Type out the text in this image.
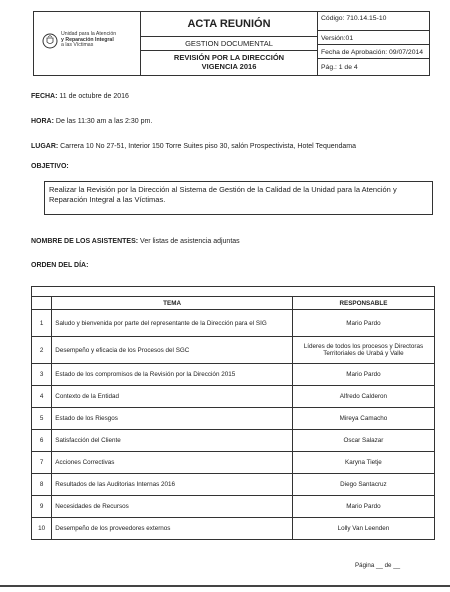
Unidad para la Atención
y Reparación Integral
a las Víctimas
ACTA REUNIÓN
GESTION DOCUMENTAL
REVISIÓN POR LA DIRECCIÓN
VIGENCIA 2016
Código: 710.14.15-10
Versión:01
Fecha de Aprobación: 09/07/2014
Pág.: 1 de 4
FECHA: 11 de octubre de 2016
HORA: De las 11:30 am a las 2:30 pm.
LUGAR: Carrera 10 No 27-51, Interior 150 Torre Suites piso 30, salón Prospectivista, Hotel Tequendama
OBJETIVO:
Realizar la Revisión por la Dirección al Sistema de Gestión de la Calidad de la Unidad para la Atención y Reparación Integral a las Víctimas.
NOMBRE DE LOS ASISTENTES: Ver listas de asistencia adjuntas
ORDEN DEL DÍA:

	TEMA	RESPONSABLE
1	Saludo y bienvenida por parte del representante de la Dirección para el SIG	Mario Pardo
2	Desempeño y eficacia de los Procesos del SGC	Líderes de todos los procesos y Directoras Territoriales de Urabá y Valle
3	Estado de los compromisos de la Revisión por la Dirección 2015	Mario Pardo
4	Contexto de la Entidad	Alfredo Calderon
5	Estado de los Riesgos	Mireya Camacho
6	Satisfacción del Cliente	Oscar Salazar
7	Acciones Correctivas	Karyna Tietje
8	Resultados de las Auditorias Internas 2016	Diego Santacruz
9	Necesidades de Recursos	Mario Pardo
10	Desempeño de los proveedores externos	Lolly Van Leenden
Página __ de __
